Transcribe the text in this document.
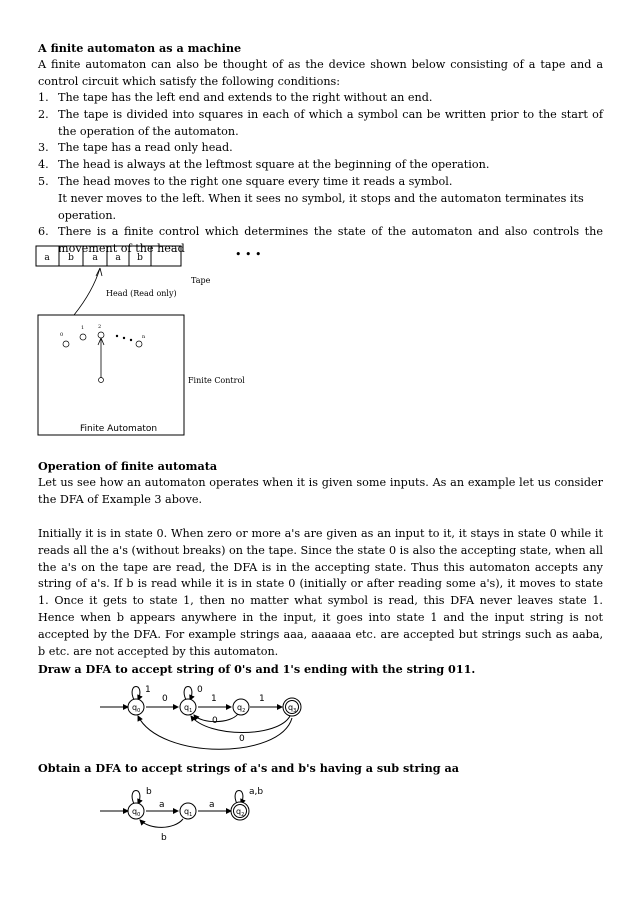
A finite automaton as a machine
A finite automaton can also be thought of as the device shown below consisting of a tape and a control circuit which satisfy the following conditions:
1. The tape has the left end and extends to the right without an end.
2. The tape is divided into squares in each of which a symbol can be written prior to the start of the operation of the automaton.
3. The tape has a read only head.
4. The head is always at the leftmost square at the beginning of the operation.
5. The head moves to the right one square every time it reads a symbol.
It never moves to the left. When it sees no symbol, it stops and the automaton terminates its operation.
6. There is a finite control which determines the state of the automaton and also controls the movement of the head
a b a a b	• • •
Tape
Head (Read only)
0
1	2
n
Finite Control
Finite Automaton
Operation of finite automata
Let us see how an automaton operates when it is given some inputs. As an example let us consider the DFA of Example 3 above.
Initially it is in state 0. When zero or more a's are given as an input to it, it stays in state 0 while it reads all the a's (without breaks) on the tape. Since the state 0 is also the accepting state, when all the a's on the tape are read, the DFA is in the accepting state. Thus this automaton accepts any string of a's. If b is read while it is in state 0 (initially or after reading some a's), it moves to state 1. Once it gets to state 1, then no matter what symbol is read, this DFA never leaves state 1. Hence when b appears anywhere in the input, it goes into state 1 and the input string is not accepted by the DFA. For example strings aaa, aaaaaa etc. are accepted but strings such as aaba, b etc. are not accepted by this automaton.
Draw a DFA to accept string of 0's and 1's ending with the string 011.
1	0
0	1	1
0
0
$q_0$	$q_1$	$q_2$	$q_3$
Obtain a DFA to accept strings of a's and b's having a sub string aa
b
a	a
a,b
b
$q_0$	$q_1$	$q_2$
